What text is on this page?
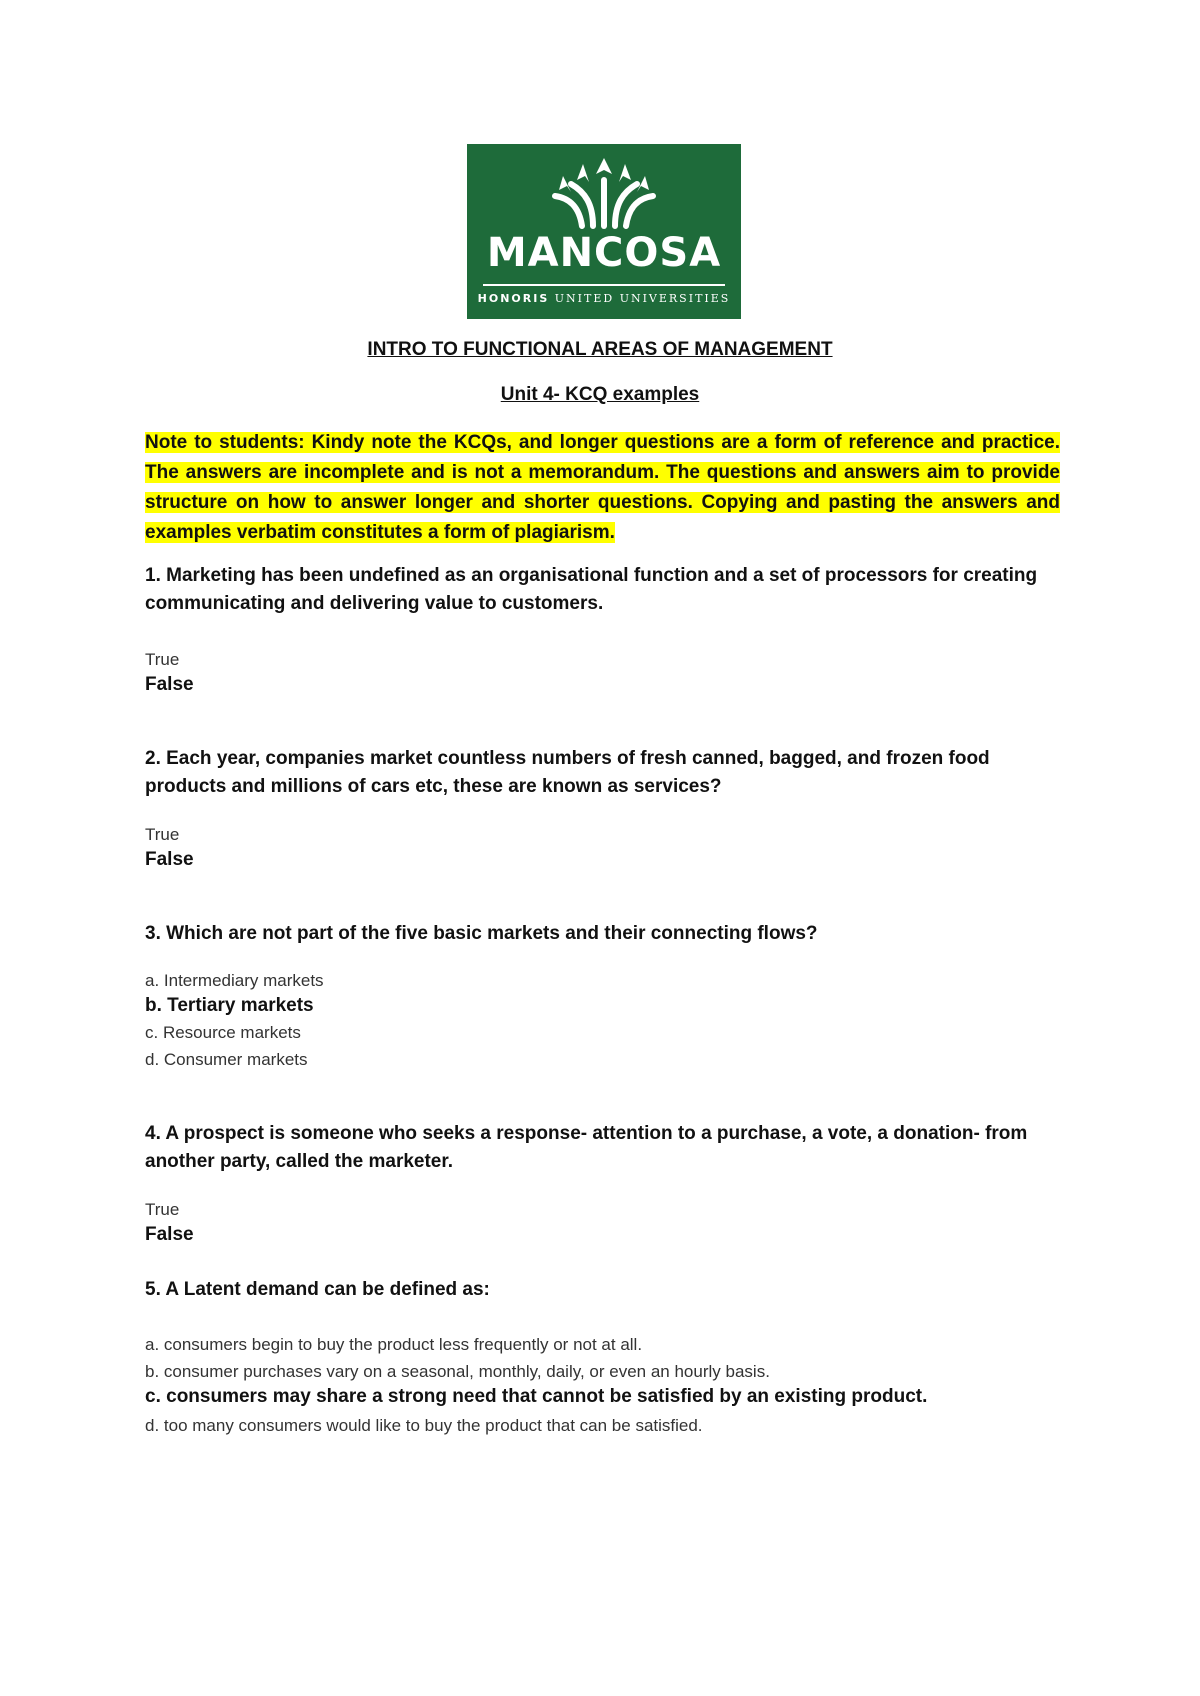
MANCOSA
HONORIS UNITED UNIVERSITIES
INTRO TO FUNCTIONAL AREAS OF MANAGEMENT
Unit 4- KCQ examples
Note to students: Kindy note the KCQs, and longer questions are a form of reference and practice. The answers are incomplete and is not a memorandum. The questions and answers aim to provide structure on how to answer longer and shorter questions. Copying and pasting the answers and examples verbatim constitutes a form of plagiarism.
1. Marketing has been undefined as an organisational function and a set of processors for creating communicating and delivering value to customers.
True
False
2. Each year, companies market countless numbers of fresh canned, bagged, and frozen food products and millions of cars etc, these are known as services?
True
False
3. Which are not part of the five basic markets and their connecting flows?
a. Intermediary markets
b. Tertiary markets
c. Resource markets
d. Consumer markets
4. A prospect is someone who seeks a response- attention to a purchase, a vote, a donation- from another party, called the marketer.
True
False
5. A Latent demand can be defined as:
a. consumers begin to buy the product less frequently or not at all.
b. consumer purchases vary on a seasonal, monthly, daily, or even an hourly basis.
c. consumers may share a strong need that cannot be satisfied by an existing product.
d. too many consumers would like to buy the product that can be satisfied.
